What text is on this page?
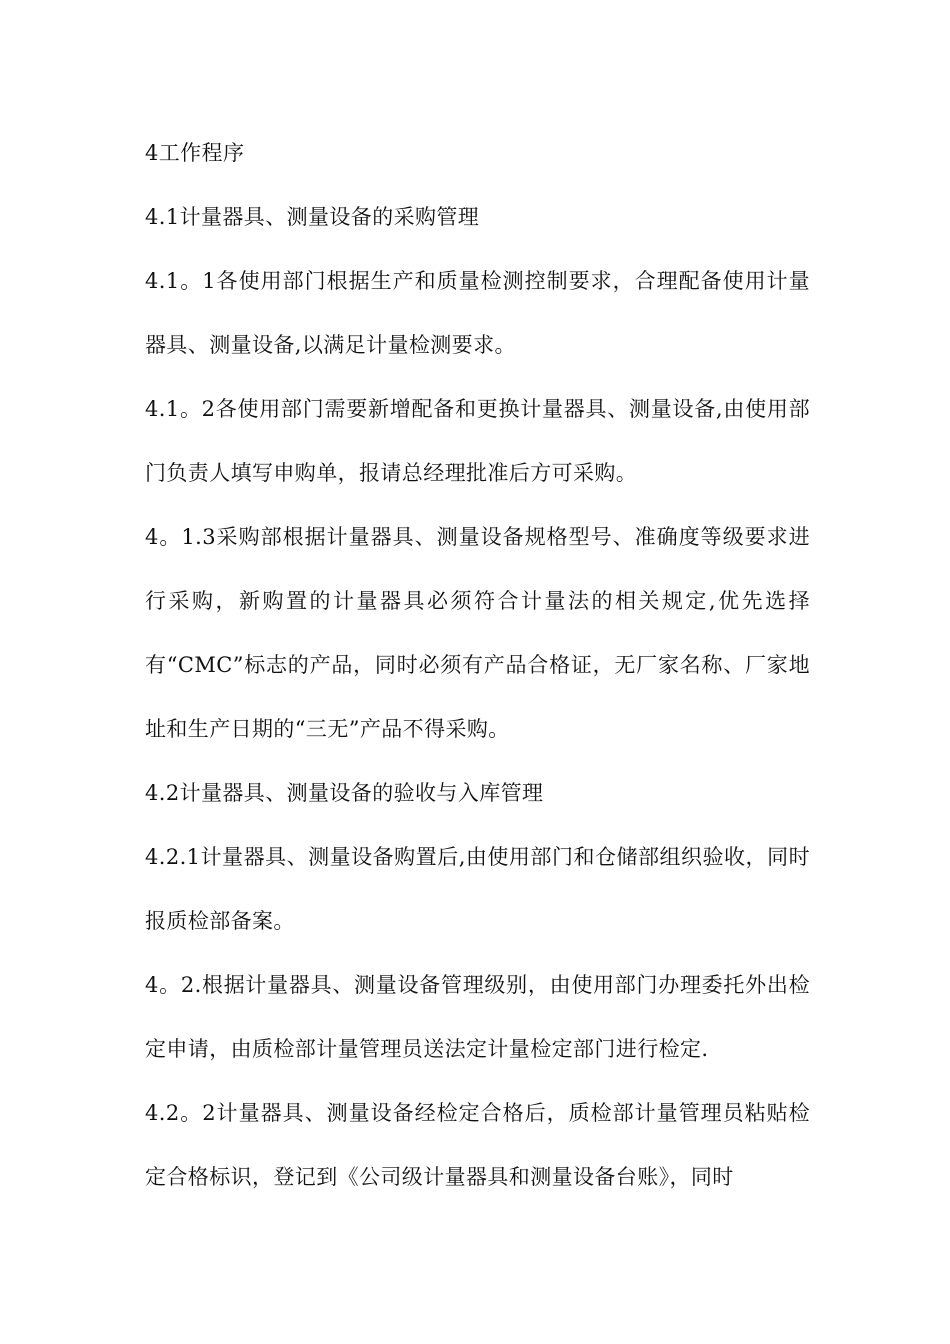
4工作程序

4.1计量器具、测量设备的采购管理

4.1。1各使用部门根据生产和质量检测控制要求，合理配备使用计量器具、测量设备,以满足计量检测要求。

4.1。2各使用部门需要新增配备和更换计量器具、测量设备,由使用部门负责人填写申购单，报请总经理批准后方可采购。

4。1.3采购部根据计量器具、测量设备规格型号、准确度等级要求进行采购，新购置的计量器具必须符合计量法的相关规定,优先选择有“CMC”标志的产品，同时必须有产品合格证，无厂家名称、厂家地址和生产日期的“三无”产品不得采购。

4.2计量器具、测量设备的验收与入库管理

4.2.1计量器具、测量设备购置后,由使用部门和仓储部组织验收，同时报质检部备案。

4。2.根据计量器具、测量设备管理级别，由使用部门办理委托外出检定申请，由质检部计量管理员送法定计量检定部门进行检定.

4.2。2计量器具、测量设备经检定合格后，质检部计量管理员粘贴检定合格标识，登记到《公司级计量器具和测量设备台账》，同时
